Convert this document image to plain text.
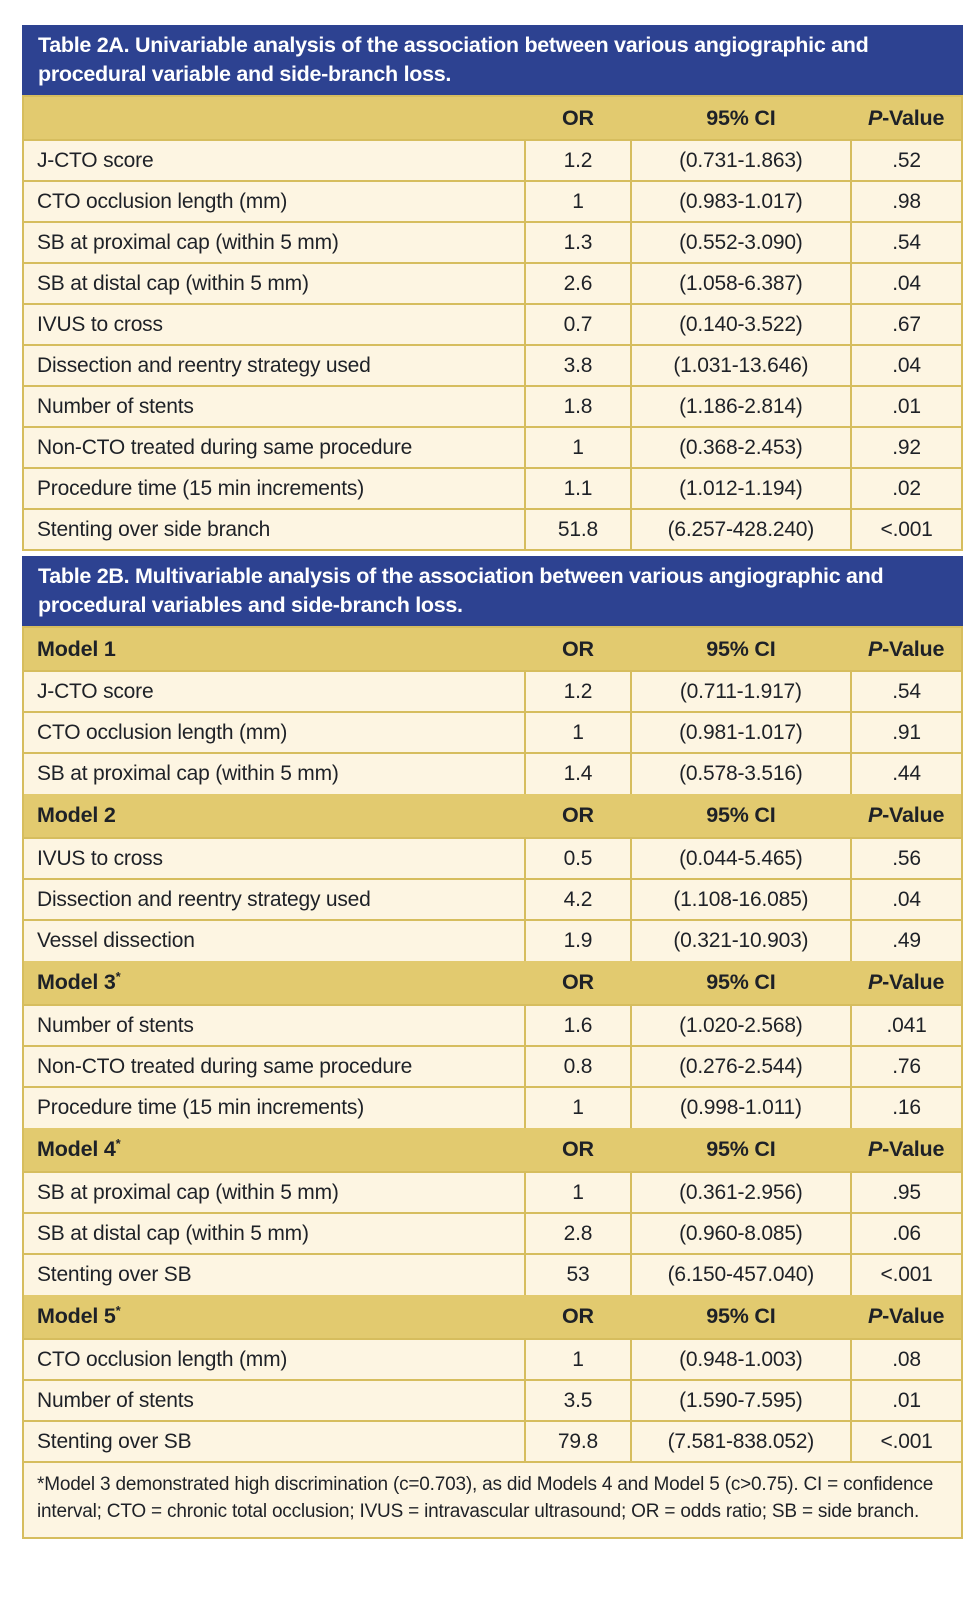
Table 2A. Univariable analysis of the association between various angiographic and procedural variable and side-branch loss.
	OR	95% CI	P-Value
J-CTO score	1.2	(0.731-1.863)	.52
CTO occlusion length (mm)	1	(0.983-1.017)	.98
SB at proximal cap (within 5 mm)	1.3	(0.552-3.090)	.54
SB at distal cap (within 5 mm)	2.6	(1.058-6.387)	.04
IVUS to cross	0.7	(0.140-3.522)	.67
Dissection and reentry strategy used	3.8	(1.031-13.646)	.04
Number of stents	1.8	(1.186-2.814)	.01
Non-CTO treated during same procedure	1	(0.368-2.453)	.92
Procedure time (15 min increments)	1.1	(1.012-1.194)	.02
Stenting over side branch	51.8	(6.257-428.240)	<.001
Table 2B. Multivariable analysis of the association between various angiographic and procedural variables and side-branch loss.
Model 1	OR	95% CI	P-Value
J-CTO score	1.2	(0.711-1.917)	.54
CTO occlusion length (mm)	1	(0.981-1.017)	.91
SB at proximal cap (within 5 mm)	1.4	(0.578-3.516)	.44
Model 2	OR	95% CI	P-Value
IVUS to cross	0.5	(0.044-5.465)	.56
Dissection and reentry strategy used	4.2	(1.108-16.085)	.04
Vessel dissection	1.9	(0.321-10.903)	.49
Model 3*	OR	95% CI	P-Value
Number of stents	1.6	(1.020-2.568)	.041
Non-CTO treated during same procedure	0.8	(0.276-2.544)	.76
Procedure time (15 min increments)	1	(0.998-1.011)	.16
Model 4*	OR	95% CI	P-Value
SB at proximal cap (within 5 mm)	1	(0.361-2.956)	.95
SB at distal cap (within 5 mm)	2.8	(0.960-8.085)	.06
Stenting over SB	53	(6.150-457.040)	<.001
Model 5*	OR	95% CI	P-Value
CTO occlusion length (mm)	1	(0.948-1.003)	.08
Number of stents	3.5	(1.590-7.595)	.01
Stenting over SB	79.8	(7.581-838.052)	<.001
*Model 3 demonstrated high discrimination (c=0.703), as did Models 4 and Model 5 (c>0.75). CI = confidence interval; CTO = chronic total occlusion; IVUS = intravascular ultrasound; OR = odds ratio; SB = side branch.			
